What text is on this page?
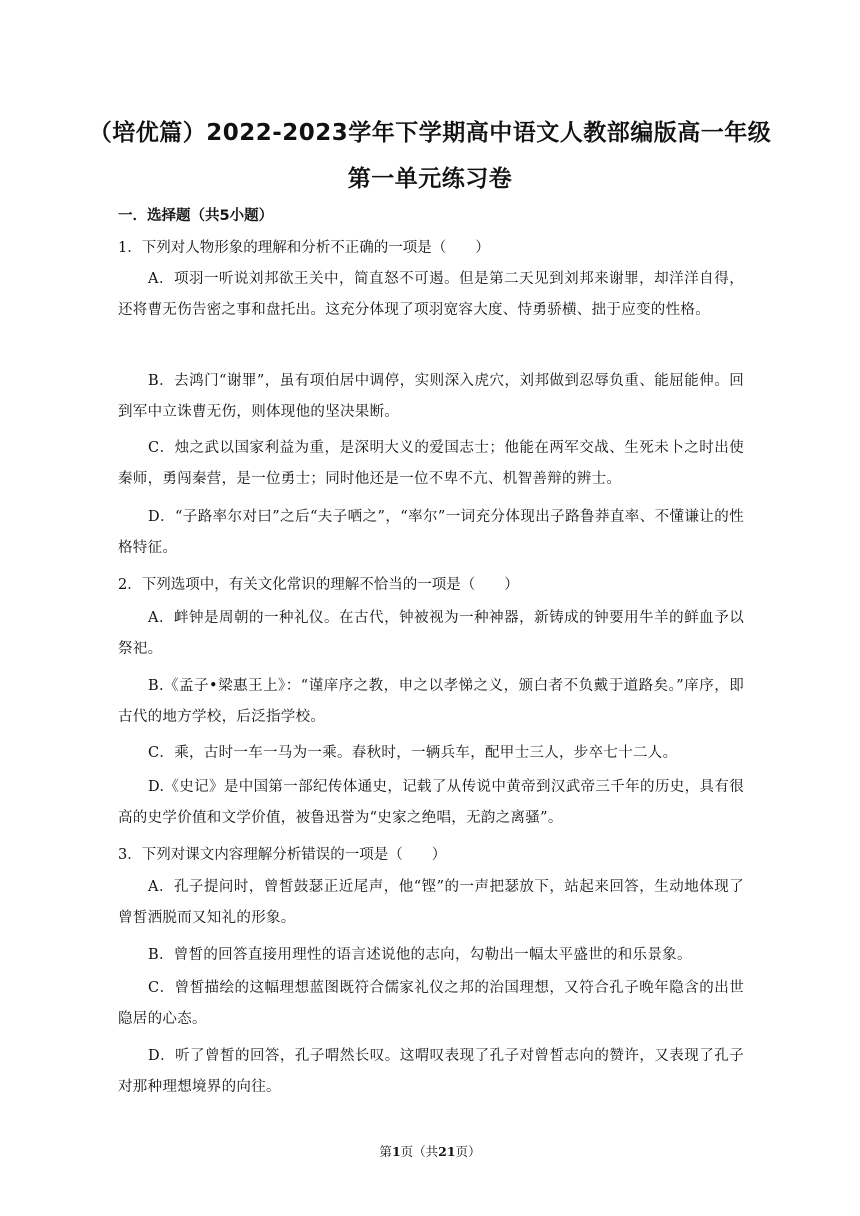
（培优篇）2022-2023学年下学期高中语文人教部编版高一年级
第一单元练习卷
一．选择题（共5小题）
1．下列对人物形象的理解和分析不正确的一项是（　　）
A．项羽一听说刘邦欲王关中，简直怒不可遏。但是第二天见到刘邦来谢罪，却洋洋自得，还将曹无伤告密之事和盘托出。这充分体现了项羽宽容大度、恃勇骄横、拙于应变的性格。
B．去鸿门“谢罪”，虽有项伯居中调停，实则深入虎穴，刘邦做到忍辱负重、能屈能伸。回到军中立诛曹无伤，则体现他的坚决果断。
C．烛之武以国家利益为重，是深明大义的爱国志士；他能在两军交战、生死未卜之时出使秦师，勇闯秦营，是一位勇士；同时他还是一位不卑不亢、机智善辩的辨士。
D．“子路率尔对曰”之后“夫子哂之”，“率尔”一词充分体现出子路鲁莽直率、不懂谦让的性格特征。
2．下列选项中，有关文化常识的理解不恰当的一项是（　　）
A．衅钟是周朝的一种礼仪。在古代，钟被视为一种神器，新铸成的钟要用牛羊的鲜血予以祭祀。
B.《孟子•梁惠王上》：“谨庠序之教，申之以孝悌之义，颁白者不负戴于道路矣。”庠序，即古代的地方学校，后泛指学校。
C．乘，古时一车一马为一乘。春秋时，一辆兵车，配甲士三人，步卒七十二人。
D.《史记》是中国第一部纪传体通史，记载了从传说中黄帝到汉武帝三千年的历史，具有很高的史学价值和文学价值，被鲁迅誉为“史家之绝唱，无韵之离骚”。
3．下列对课文内容理解分析错误的一项是（　　）
A．孔子提问时，曾皙鼓瑟正近尾声，他“铿”的一声把瑟放下，站起来回答，生动地体现了曾皙洒脱而又知礼的形象。
B．曾皙的回答直接用理性的语言述说他的志向，勾勒出一幅太平盛世的和乐景象。
C．曾皙描绘的这幅理想蓝图既符合儒家礼仪之邦的治国理想，又符合孔子晚年隐含的出世隐居的心态。
D．听了曾皙的回答，孔子喟然长叹。这喟叹表现了孔子对曾皙志向的赞许，又表现了孔子对那种理想境界的向往。
第1页（共21页）
